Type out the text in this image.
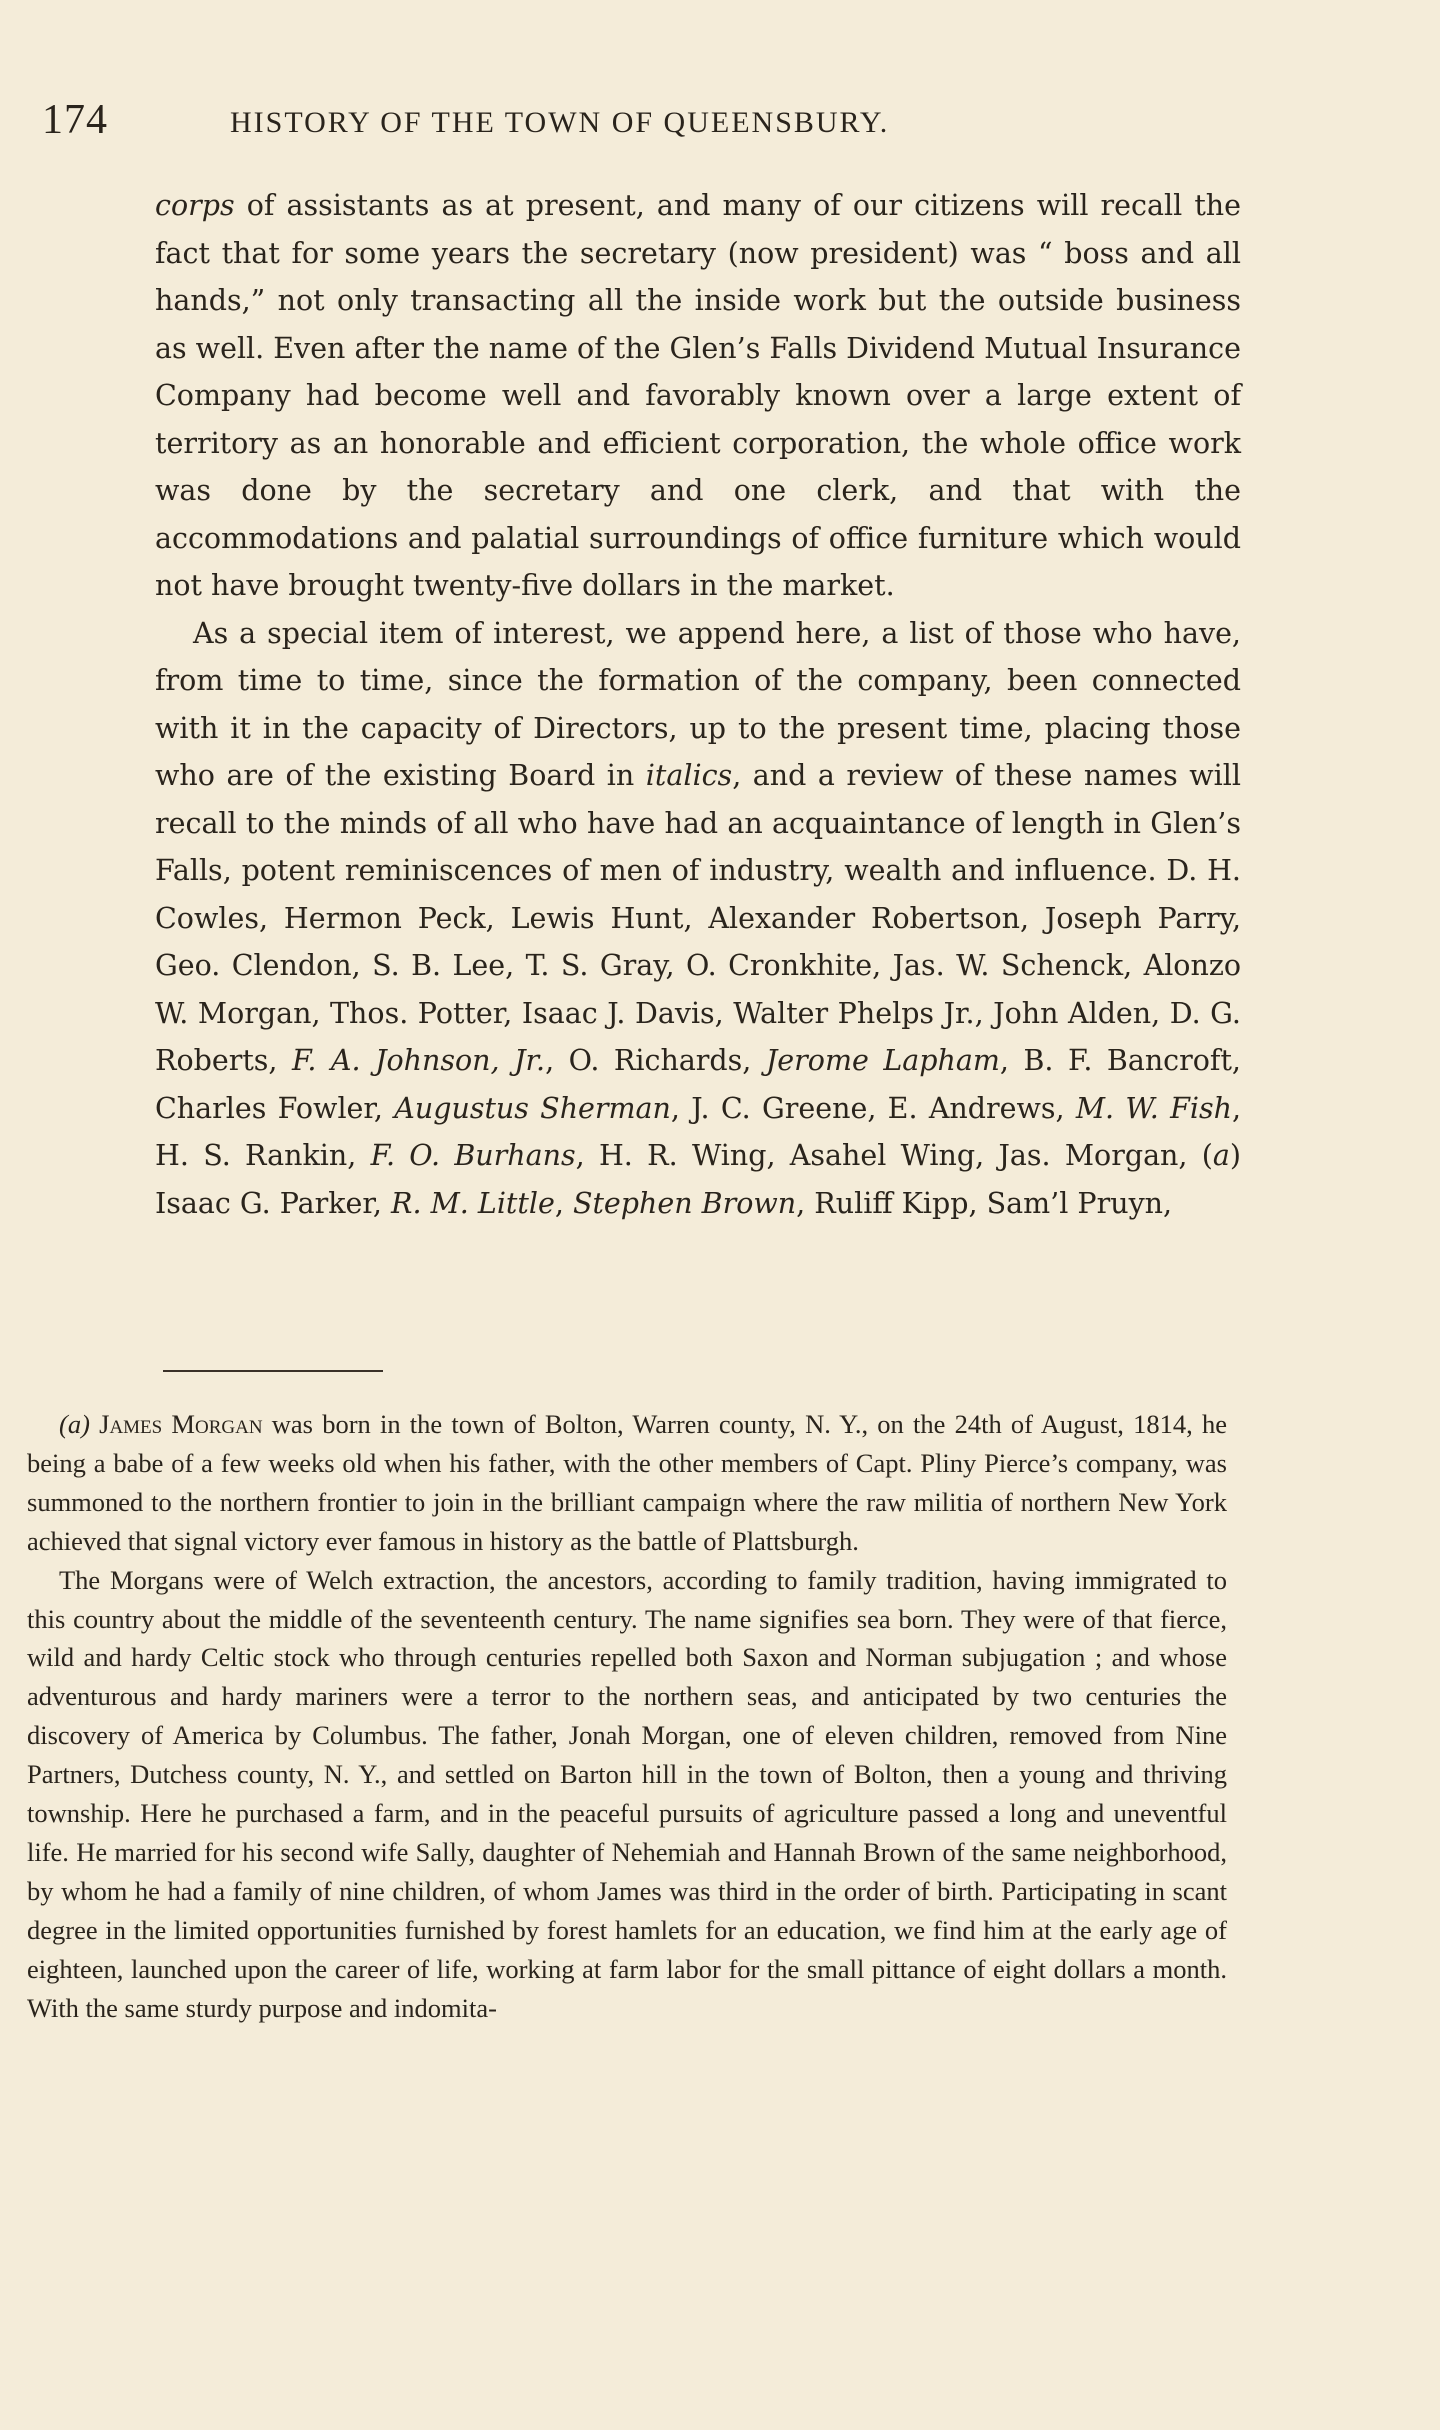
174	HISTORY OF THE TOWN OF QUEENSBURY.

corps of assistants as at present, and many of our citizens will recall the fact that for some years the secretary (now president) was “ boss and all hands,” not only transacting all the inside work but the outside business as well. Even after the name of the Glen’s Falls Dividend Mutual Insurance Company had become well and favorably known over a large extent of territory as an honorable and efficient corporation, the whole office work was done by the secretary and one clerk, and that with the accommodations and palatial surroundings of office furniture which would not have brought twenty-five dollars in the market.

As a special item of interest, we append here, a list of those who have, from time to time, since the formation of the company, been connected with it in the capacity of Directors, up to the present time, placing those who are of the existing Board in italics, and a review of these names will recall to the minds of all who have had an acquaintance of length in Glen’s Falls, potent reminiscences of men of industry, wealth and influence. D. H. Cowles, Hermon Peck, Lewis Hunt, Alexander Robertson, Joseph Parry, Geo. Clendon, S. B. Lee, T. S. Gray, O. Cronkhite, Jas. W. Schenck, Alonzo W. Morgan, Thos. Potter, Isaac J. Davis, Walter Phelps Jr., John Alden, D. G. Roberts, F. A. Johnson, Jr., O. Richards, Jerome Lapham, B. F. Bancroft, Charles Fowler, Augustus Sherman, J. C. Greene, E. Andrews, M. W. Fish, H. S. Rankin, F. O. Burhans, H. R. Wing, Asahel Wing, Jas. Morgan, (a) Isaac G. Parker, R. M. Little, Stephen Brown, Ruliff Kipp, Sam’l Pruyn,

(a) James Morgan was born in the town of Bolton, Warren county, N. Y., on the 24th of August, 1814, he being a babe of a few weeks old when his father, with the other members of Capt. Pliny Pierce’s company, was summoned to the northern frontier to join in the brilliant campaign where the raw militia of northern New York achieved that signal victory ever famous in history as the battle of Plattsburgh.

The Morgans were of Welch extraction, the ancestors, according to family tradition, having immigrated to this country about the middle of the seventeenth century. The name signifies sea born. They were of that fierce, wild and hardy Celtic stock who through centuries repelled both Saxon and Norman subjugation ; and whose adventurous and hardy mariners were a terror to the northern seas, and anticipated by two centuries the discovery of America by Columbus. The father, Jonah Morgan, one of eleven children, removed from Nine Partners, Dutchess county, N. Y., and settled on Barton hill in the town of Bolton, then a young and thriving township. Here he purchased a farm, and in the peaceful pursuits of agriculture passed a long and uneventful life. He married for his second wife Sally, daughter of Nehemiah and Hannah Brown of the same neighborhood, by whom he had a family of nine children, of whom James was third in the order of birth. Participating in scant degree in the limited opportunities furnished by forest hamlets for an education, we find him at the early age of eighteen, launched upon the career of life, working at farm labor for the small pittance of eight dollars a month. With the same sturdy purpose and indomita-
